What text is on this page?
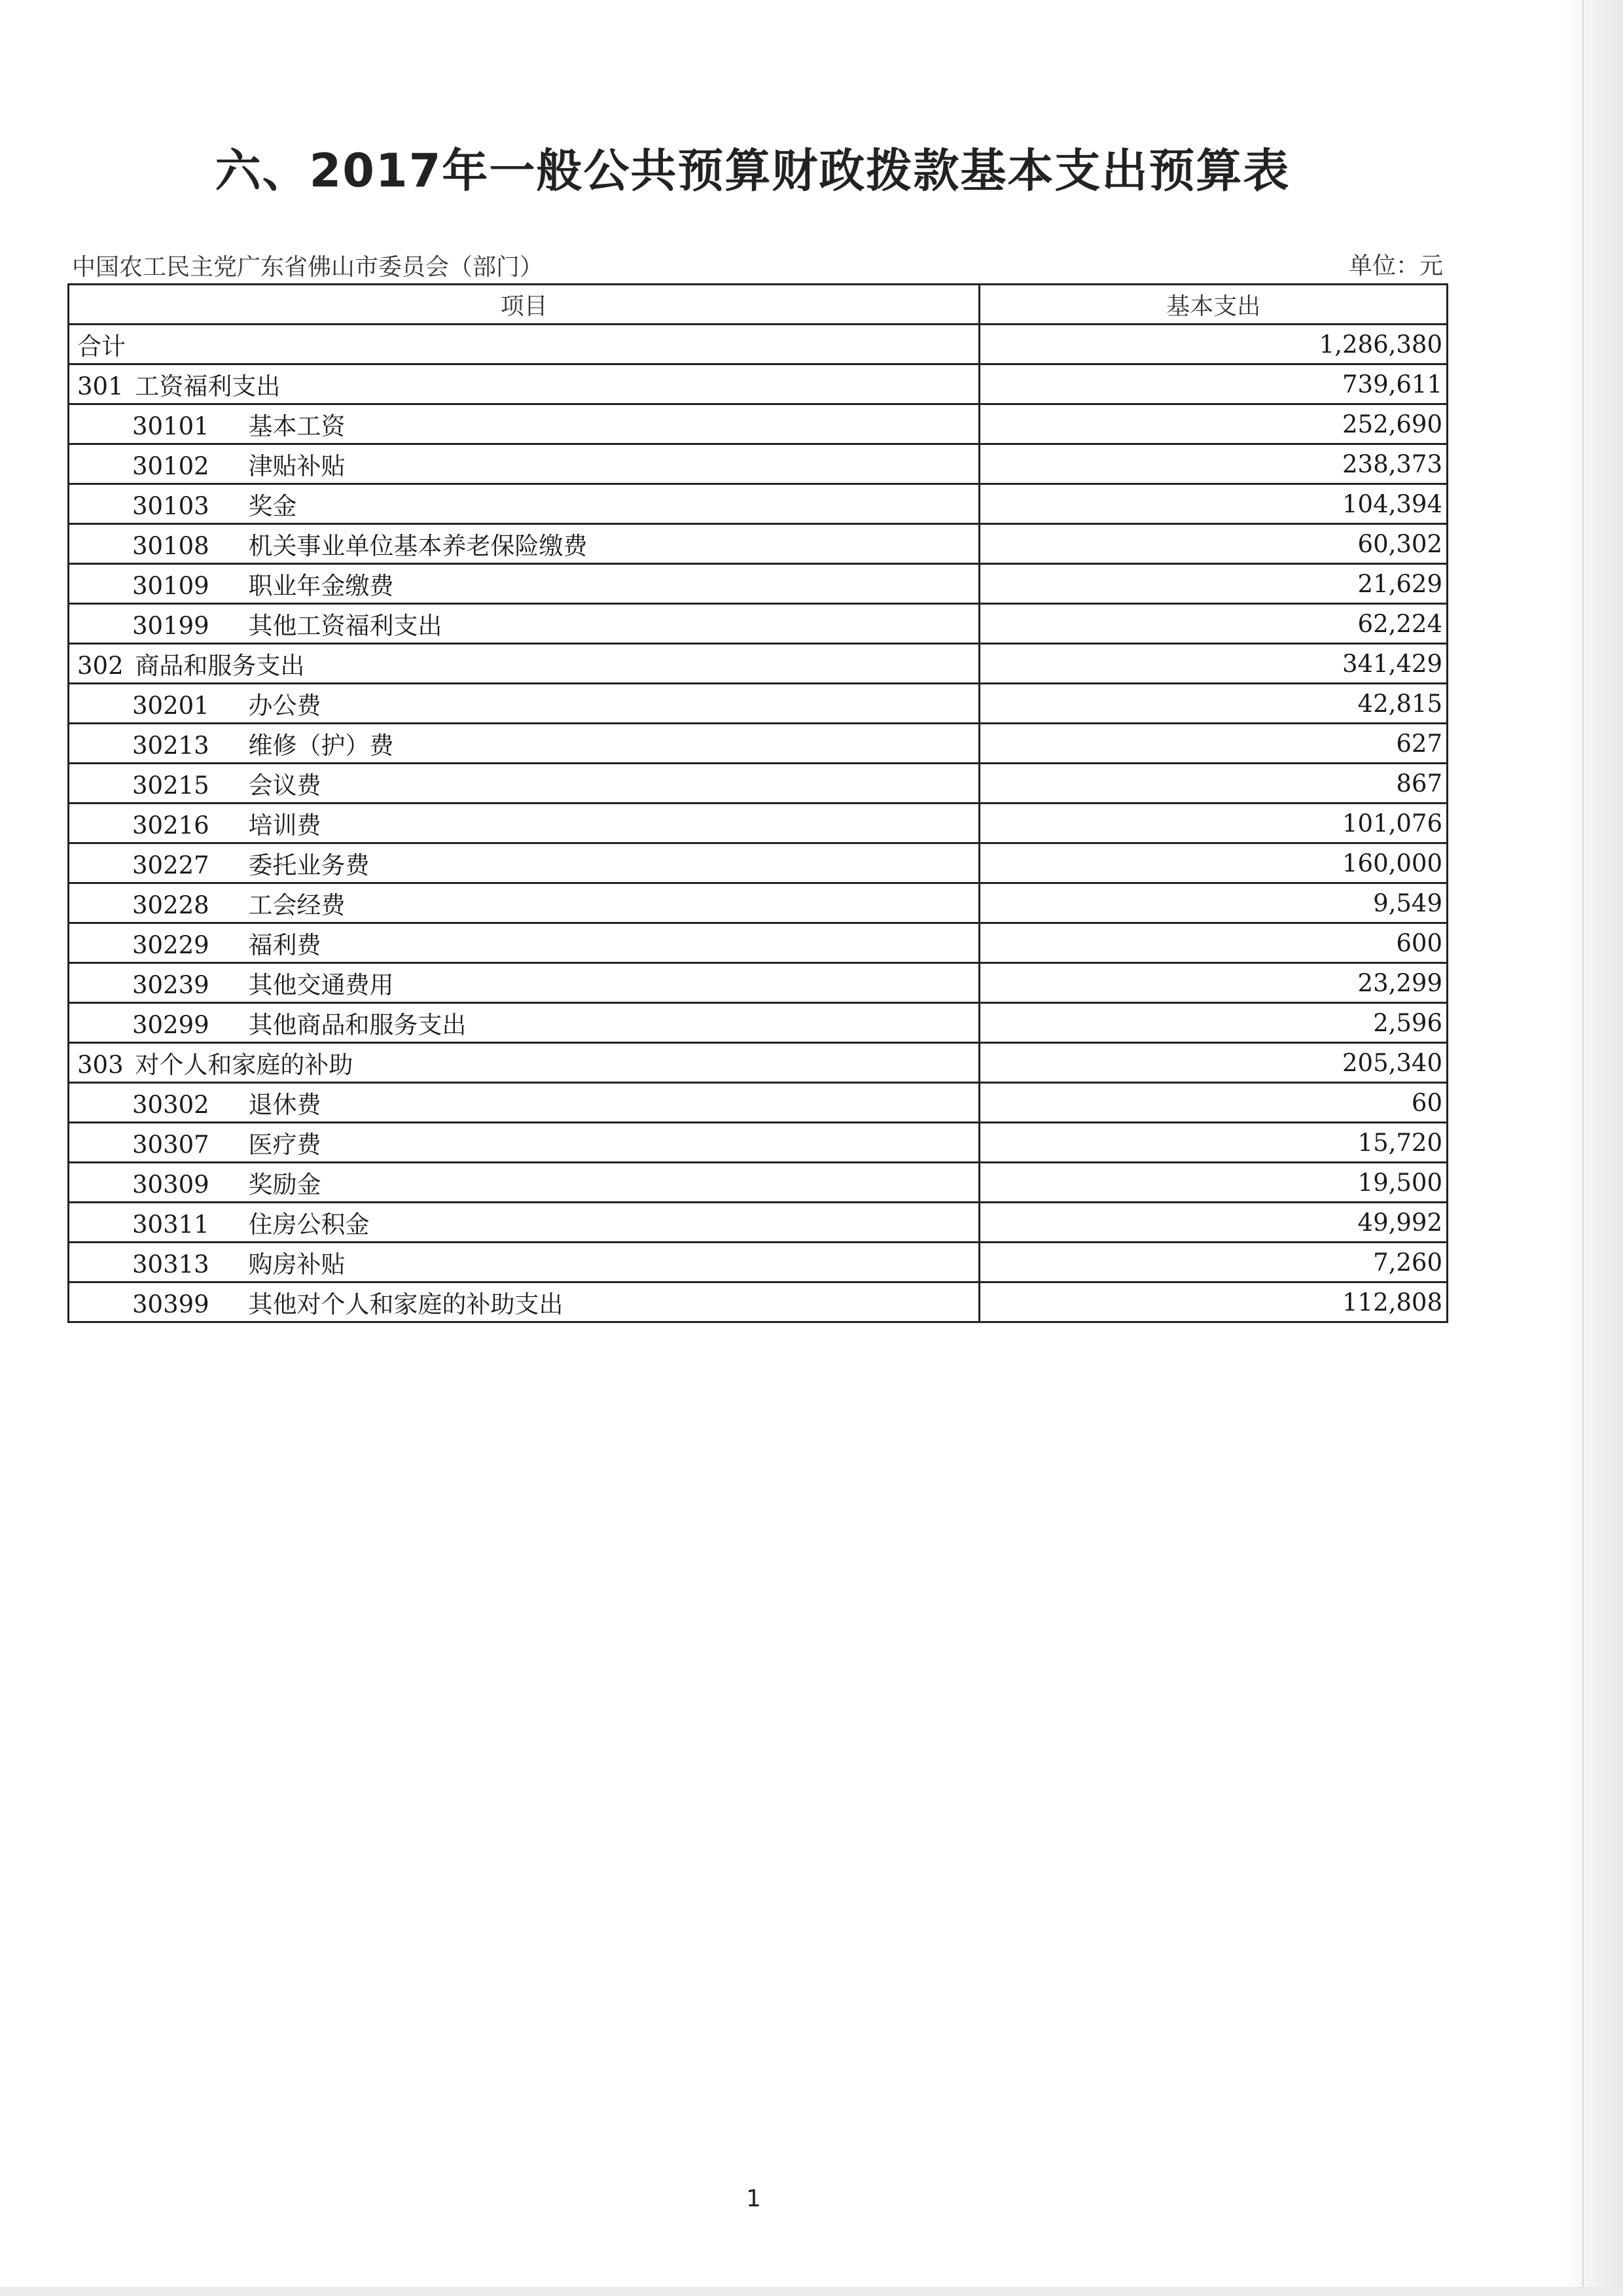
六、2017年一般公共预算财政拨款基本支出预算表
中国农工民主党广东省佛山市委员会（部门）	单位：元
项目	基本支出
合计	1,286,380
301 工资福利支出	739,611
30101 基本工资	252,690
30102 津贴补贴	238,373
30103 奖金	104,394
30108 机关事业单位基本养老保险缴费	60,302
30109 职业年金缴费	21,629
30199 其他工资福利支出	62,224
302 商品和服务支出	341,429
30201 办公费	42,815
30213 维修（护）费	627
30215 会议费	867
30216 培训费	101,076
30227 委托业务费	160,000
30228 工会经费	9,549
30229 福利费	600
30239 其他交通费用	23,299
30299 其他商品和服务支出	2,596
303 对个人和家庭的补助	205,340
30302 退休费	60
30307 医疗费	15,720
30309 奖励金	19,500
30311 住房公积金	49,992
30313 购房补贴	7,260
30399 其他对个人和家庭的补助支出	112,808
1
